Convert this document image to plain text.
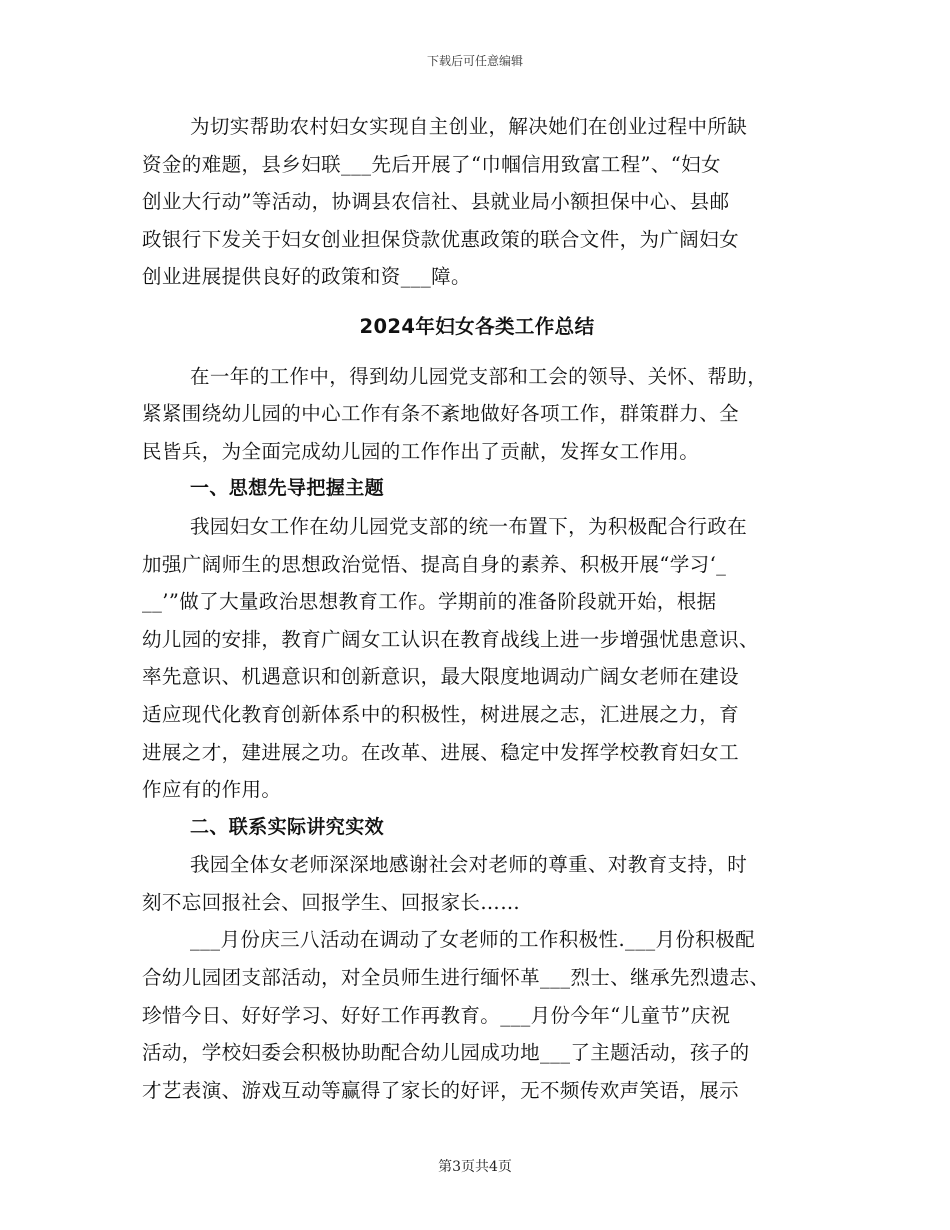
下载后可任意编辑
为切实帮助农村妇女实现自主创业，解决她们在创业过程中所缺
资金的难题，县乡妇联___先后开展了“巾帼信用致富工程”、“妇女
创业大行动”等活动，协调县农信社、县就业局小额担保中心、县邮
政银行下发关于妇女创业担保贷款优惠政策的联合文件，为广阔妇女
创业进展提供良好的政策和资___障。
2024年妇女各类工作总结
在一年的工作中，得到幼儿园党支部和工会的领导、关怀、帮助，
紧紧围绕幼儿园的中心工作有条不紊地做好各项工作，群策群力、全
民皆兵，为全面完成幼儿园的工作作出了贡献，发挥女工作用。
一、思想先导把握主题
我园妇女工作在幼儿园党支部的统一布置下，为积极配合行政在
加强广阔师生的思想政治觉悟、提高自身的素养、积极开展“学习‘_
__’”做了大量政治思想教育工作。学期前的准备阶段就开始，根据
幼儿园的安排，教育广阔女工认识在教育战线上进一步增强忧患意识、
率先意识、机遇意识和创新意识，最大限度地调动广阔女老师在建设
适应现代化教育创新体系中的积极性，树进展之志，汇进展之力，育
进展之才，建进展之功。在改革、进展、稳定中发挥学校教育妇女工
作应有的作用。
二、联系实际讲究实效
我园全体女老师深深地感谢社会对老师的尊重、对教育支持，时
刻不忘回报社会、回报学生、回报家长……
___月份庆三八活动在调动了女老师的工作积极性.___月份积极配
合幼儿园团支部活动，对全员师生进行缅怀革___烈士、继承先烈遗志、
珍惜今日、好好学习、好好工作再教育。___月份今年“儿童节”庆祝
活动，学校妇委会积极协助配合幼儿园成功地___了主题活动，孩子的
才艺表演、游戏互动等赢得了家长的好评，无不频传欢声笑语，展示
第3页共4页
